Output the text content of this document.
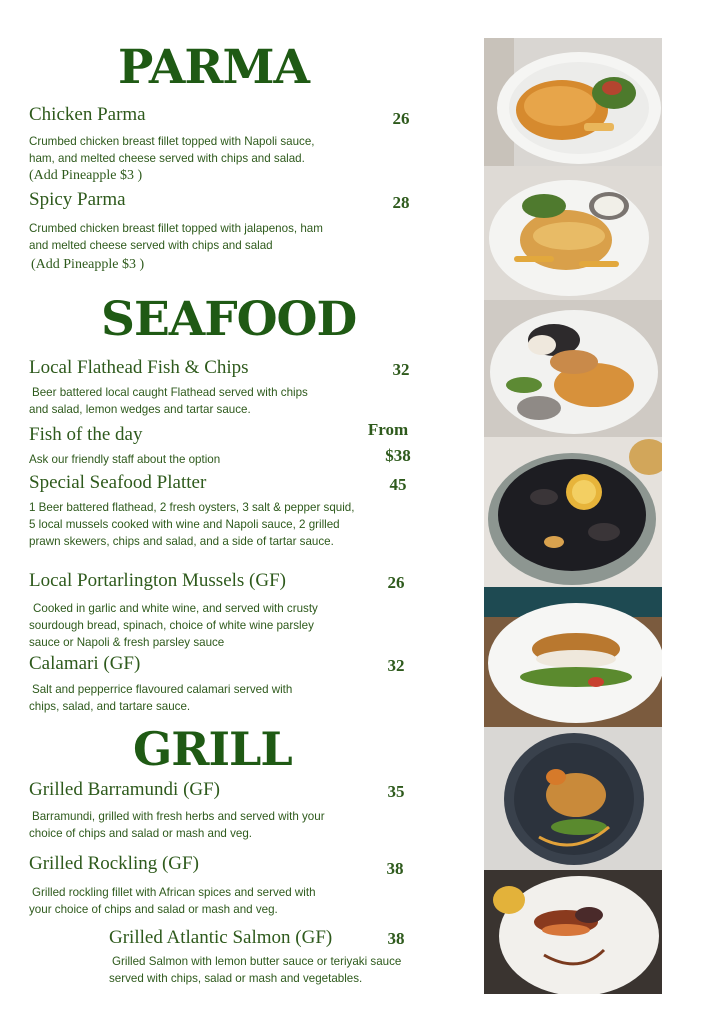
PARMA

Chicken Parma	26

Crumbed chicken breast fillet topped with Napoli sauce, ham, and melted cheese served with chips and salad.  (Add Pineapple $3 )

Spicy Parma	28

Crumbed chicken breast fillet topped with jalapenos, ham and melted cheese served with chips and salad

(Add Pineapple $3 )

SEAFOOD

Local Flathead Fish & Chips	32

Beer battered local caught Flathead served with chips and salad, lemon wedges and tartar sauce.

Fish of the day	From

$38

Ask our friendly staff about the option

Special Seafood Platter	45

1 Beer battered flathead, 2 fresh oysters, 3 salt & pepper squid, 5 local mussels cooked with wine and Napoli sauce, 2 grilled prawn skewers, chips and salad, and a side of tartar sauce.

Local Portarlington Mussels (GF)	26

Cooked in garlic and white wine, and served with crusty sourdough bread, spinach, choice of white wine parsley sauce or Napoli & fresh parsley sauce

Calamari (GF)	32

Salt and pepperrice flavoured calamari served with chips, salad, and tartare sauce.

GRILL

Grilled Barramundi (GF)	35

Barramundi, grilled with fresh herbs and served with your choice of chips and salad or mash and veg.

Grilled Rockling (GF)	38

Grilled rockling fillet with African spices and served with your choice of chips and salad or mash and veg.

Grilled Atlantic Salmon (GF)	38

Grilled Salmon with lemon butter sauce or teriyaki sauce served with chips, salad or mash and vegetables.
